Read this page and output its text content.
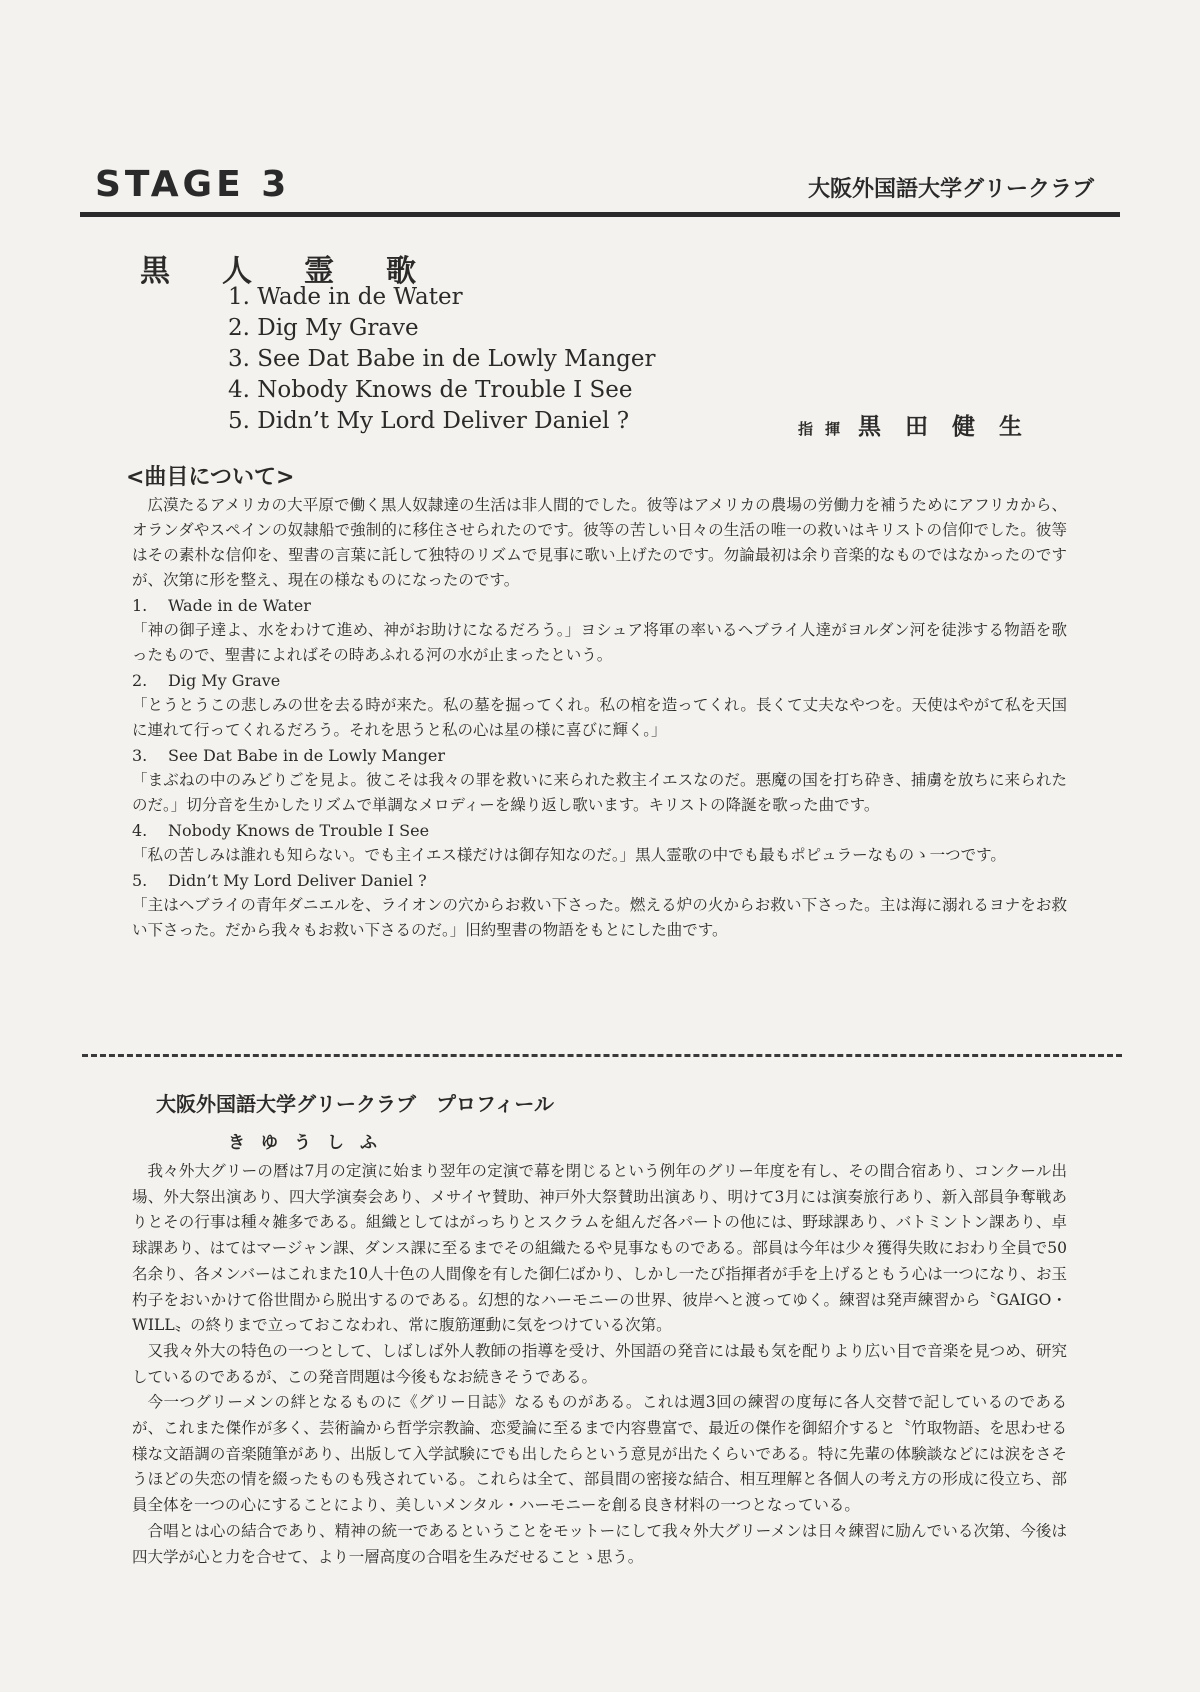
STAGE 3	大阪外国語大学グリークラブ
黒人霊歌
1. Wade in de Water
2. Dig My Grave
3. See Dat Babe in de Lowly Manger
4. Nobody Knows de Trouble I See
5. Didn’t My Lord Deliver Daniel ?	指揮 黒田健生
<曲目について>

広漠たるアメリカの大平原で働く黒人奴隷達の生活は非人間的でした。彼等はアメリカの農場の労働力を補うためにアフリカから、オランダやスペインの奴隷船で強制的に移住させられたのです。彼等の苦しい日々の生活の唯一の救いはキリストの信仰でした。彼等はその素朴な信仰を、聖書の言葉に託して独特のリズムで見事に歌い上げたのです。勿論最初は余り音楽的なものではなかったのですが、次第に形を整え、現在の様なものになったのです。

1. Wade in de Water

「神の御子達よ、水をわけて進め、神がお助けになるだろう。」ヨシュア将軍の率いるヘブライ人達がヨルダン河を徒渉する物語を歌ったもので、聖書によればその時あふれる河の水が止まったという。

2. Dig My Grave

「とうとうこの悲しみの世を去る時が来た。私の墓を掘ってくれ。私の棺を造ってくれ。長くて丈夫なやつを。天使はやがて私を天国に連れて行ってくれるだろう。それを思うと私の心は星の様に喜びに輝く。」

3. See Dat Babe in de Lowly Manger

「まぶねの中のみどりごを見よ。彼こそは我々の罪を救いに来られた救主イエスなのだ。悪魔の国を打ち砕き、捕虜を放ちに来られたのだ。」切分音を生かしたリズムで単調なメロディーを繰り返し歌います。キリストの降誕を歌った曲です。

4. Nobody Knows de Trouble I See

「私の苦しみは誰れも知らない。でも主イエス様だけは御存知なのだ。」黒人霊歌の中でも最もポピュラーなものゝ一つです。

5. Didn’t My Lord Deliver Daniel ?

「主はヘブライの青年ダニエルを、ライオンの穴からお救い下さった。燃える炉の火からお救い下さった。主は海に溺れるヨナをお救い下さった。だから我々もお救い下さるのだ。」旧約聖書の物語をもとにした曲です。

大阪外国語大学グリークラブ　プロフィール
きゆうしふ

我々外大グリーの暦は7月の定演に始まり翌年の定演で幕を閉じるという例年のグリー年度を有し、その間合宿あり、コンクール出場、外大祭出演あり、四大学演奏会あり、メサイヤ賛助、神戸外大祭賛助出演あり、明けて3月には演奏旅行あり、新入部員争奪戦ありとその行事は種々雑多である。組織としてはがっちりとスクラムを組んだ各パートの他には、野球課あり、バトミントン課あり、卓球課あり、はてはマージャン課、ダンス課に至るまでその組織たるや見事なものである。部員は今年は少々獲得失敗におわり全員で50名余り、各メンバーはこれまた10人十色の人間像を有した御仁ばかり、しかし一たび指揮者が手を上げるともう心は一つになり、お玉杓子をおいかけて俗世間から脱出するのである。幻想的なハーモニーの世界、彼岸へと渡ってゆく。練習は発声練習から〝GAIGO・WILL〟の終りまで立っておこなわれ、常に腹筋運動に気をつけている次第。

又我々外大の特色の一つとして、しばしば外人教師の指導を受け、外国語の発音には最も気を配りより広い目で音楽を見つめ、研究しているのであるが、この発音問題は今後もなお続きそうである。

今一つグリーメンの絆となるものに《グリー日誌》なるものがある。これは週3回の練習の度毎に各人交替で記しているのであるが、これまた傑作が多く、芸術論から哲学宗教論、恋愛論に至るまで内容豊富で、最近の傑作を御紹介すると〝竹取物語〟を思わせる様な文語調の音楽随筆があり、出版して入学試験にでも出したらという意見が出たくらいである。特に先輩の体験談などには涙をさそうほどの失恋の情を綴ったものも残されている。これらは全て、部員間の密接な結合、相互理解と各個人の考え方の形成に役立ち、部員全体を一つの心にすることにより、美しいメンタル・ハーモニーを創る良き材料の一つとなっている。

合唱とは心の結合であり、精神の統一であるということをモットーにして我々外大グリーメンは日々練習に励んでいる次第、今後は四大学が心と力を合せて、より一層高度の合唱を生みだせることゝ思う。
